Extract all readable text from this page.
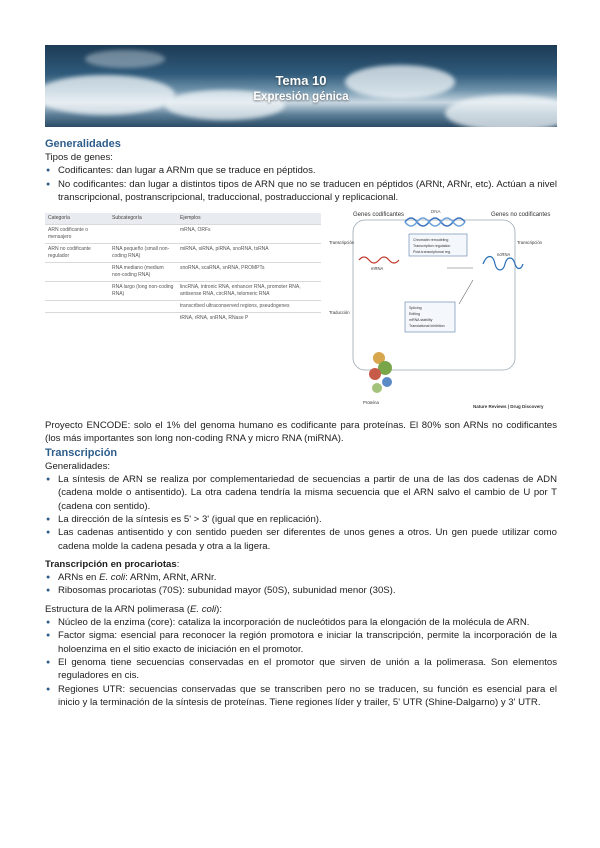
Tema 10
Expresión génica
Generalidades

Tipos de genes:

● Codificantes: dan lugar a ARNm que se traduce en péptidos.
● No codificantes: dan lugar a distintos tipos de ARN que no se traducen en péptidos (ARNt, ARNr, etc). Actúan a nivel transcripcional, postranscripcional, traduccional, postraduccional y replicacional.
Categoría	Subcategoría	Ejemplos
ARN codificante o mensajero		mRNA, ORFs
ARN no codificante regulador	RNA pequeño (small non-coding RNA)	miRNA, siRNA, piRNA, snoRNA, tsRNA
	RNA mediano (medium non-coding RNA)	snoRNA, scaRNA, snRNA, PROMPTs
	RNA largo (long non-coding RNA)	lincRNA, intronic RNA, enhancer RNA, promoter RNA, antisense RNA, circRNA, telomeric RNA
		transcribed ultraconserved regions, pseudogenes
		tRNA, rRNA, snRNA, RNase P
Genes codificantes	Genes no codificantes
DNA
Chromatin remodeling
Transcription regulation
Post-transcriptional reg.
Transcripción	Transcripción
mRNA
ncRNA
Splicing
Editing
mRNA stability
Translational inhibition
Traducción
Proteína
Nature Reviews | Drug Discovery

Proyecto ENCODE: solo el 1% del genoma humano es codificante para proteínas. El 80% son ARNs no codificantes (los más importantes son long non-coding RNA y micro RNA (miRNA).

Transcripción

Generalidades:

● La síntesis de ARN se realiza por complementariedad de secuencias a partir de una de las dos cadenas de ADN (cadena molde o antisentido). La otra cadena tendría la misma secuencia que el ARN salvo el cambio de U por T (cadena con sentido).
● La dirección de la síntesis es 5' > 3' (igual que en replicación).
● Las cadenas antisentido y con sentido pueden ser diferentes de unos genes a otros. Un gen puede utilizar como cadena molde la cadena pesada y otra a la ligera.

Transcripción en procariotas:

● ARNs en E. coli: ARNm, ARNt, ARNr.
● Ribosomas procariotas (70S): subunidad mayor (50S), subunidad menor (30S).

Estructura de la ARN polimerasa (E. coli):

● Núcleo de la enzima (core): cataliza la incorporación de nucleótidos para la elongación de la molécula de ARN.
● Factor sigma: esencial para reconocer la región promotora e iniciar la transcripción, permite la incorporación de la holoenzima en el sitio exacto de iniciación en el promotor.
● El genoma tiene secuencias conservadas en el promotor que sirven de unión a la polimerasa. Son elementos reguladores en cis.
● Regiones UTR: secuencias conservadas que se transcriben pero no se traducen, su función es esencial para el inicio y la terminación de la síntesis de proteínas. Tiene regiones líder y trailer, 5' UTR (Shine-Dalgarno) y 3' UTR.
